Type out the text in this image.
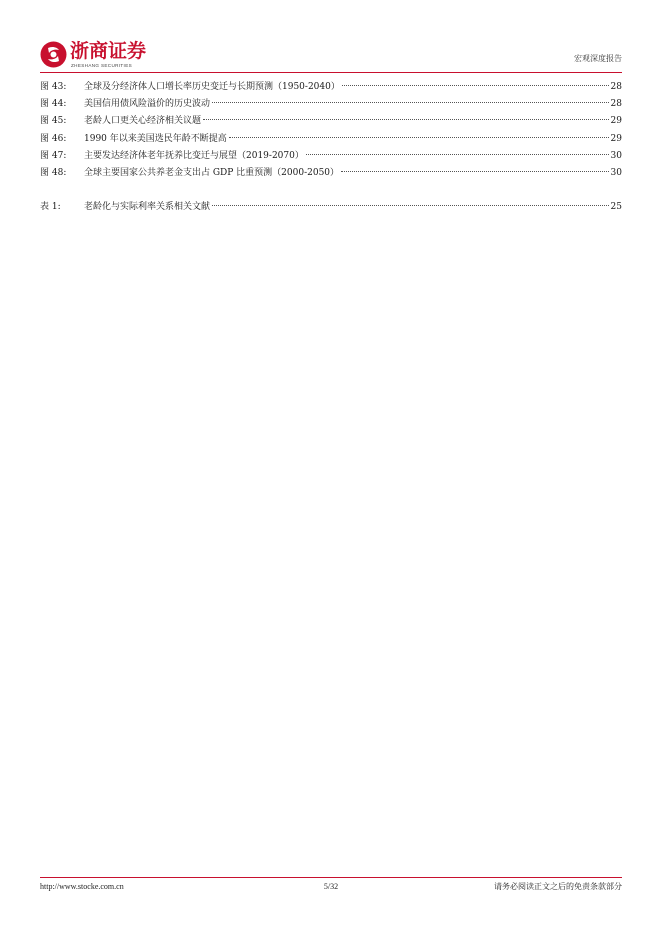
浙商证券
ZHESHANG SECURITIES
宏观深度报告
图 43:	全球及分经济体人口增长率历史变迁与长期预测（1950-2040）	28
图 44:	美国信用债风险溢价的历史波动	28
图 45:	老龄人口更关心经济相关议题	29
图 46:	1990 年以来美国选民年龄不断提高	29
图 47:	主要发达经济体老年抚养比变迁与展望（2019-2070）	30
图 48:	全球主要国家公共养老金支出占 GDP 比重预测（2000-2050）	30
表 1:	老龄化与实际利率关系相关文献	25
http://www.stocke.com.cn	5/32	请务必阅读正文之后的免责条款部分
